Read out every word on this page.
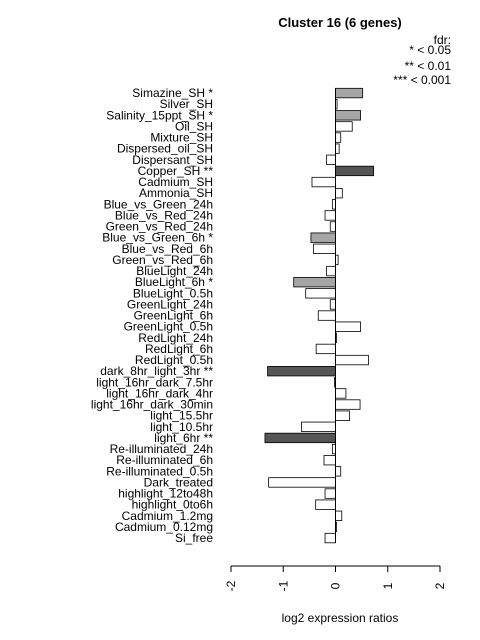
Cluster 16 (6 genes)
fdr:
* < 0.05
** < 0.01
*** < 0.001
Simazine_SH *
Silver_SH
Salinity_15ppt_SH *
Oil_SH
Mixture_SH
Dispersed_oil_SH
Dispersant_SH
Copper_SH **
Cadmium_SH
Ammonia_SH
Blue_vs_Green_24h
Blue_vs_Red_24h
Green_vs_Red_24h
Blue_vs_Green_6h *
Blue_vs_Red_6h
Green_vs_Red_6h
BlueLight_24h
BlueLight_6h *
BlueLight_0.5h
GreenLight_24h
GreenLight_6h
GreenLight_0.5h
RedLight_24h
RedLight_6h
RedLight_0.5h
dark_8hr_light_3hr **
light_16hr_dark_7.5hr
light_16hr_dark_4hr
light_16hr_dark_30min
light_15.5hr
light_10.5hr
light_6hr **
Re-illuminated_24h
Re-illuminated_6h
Re-illuminated_0.5h
Dark_treated
highlight_12to48h
highlight_0to6h
Cadmium_1.2mg
Cadmium_0.12mg
Si_free
-2	-1	0	1	2
log2 expression ratios
